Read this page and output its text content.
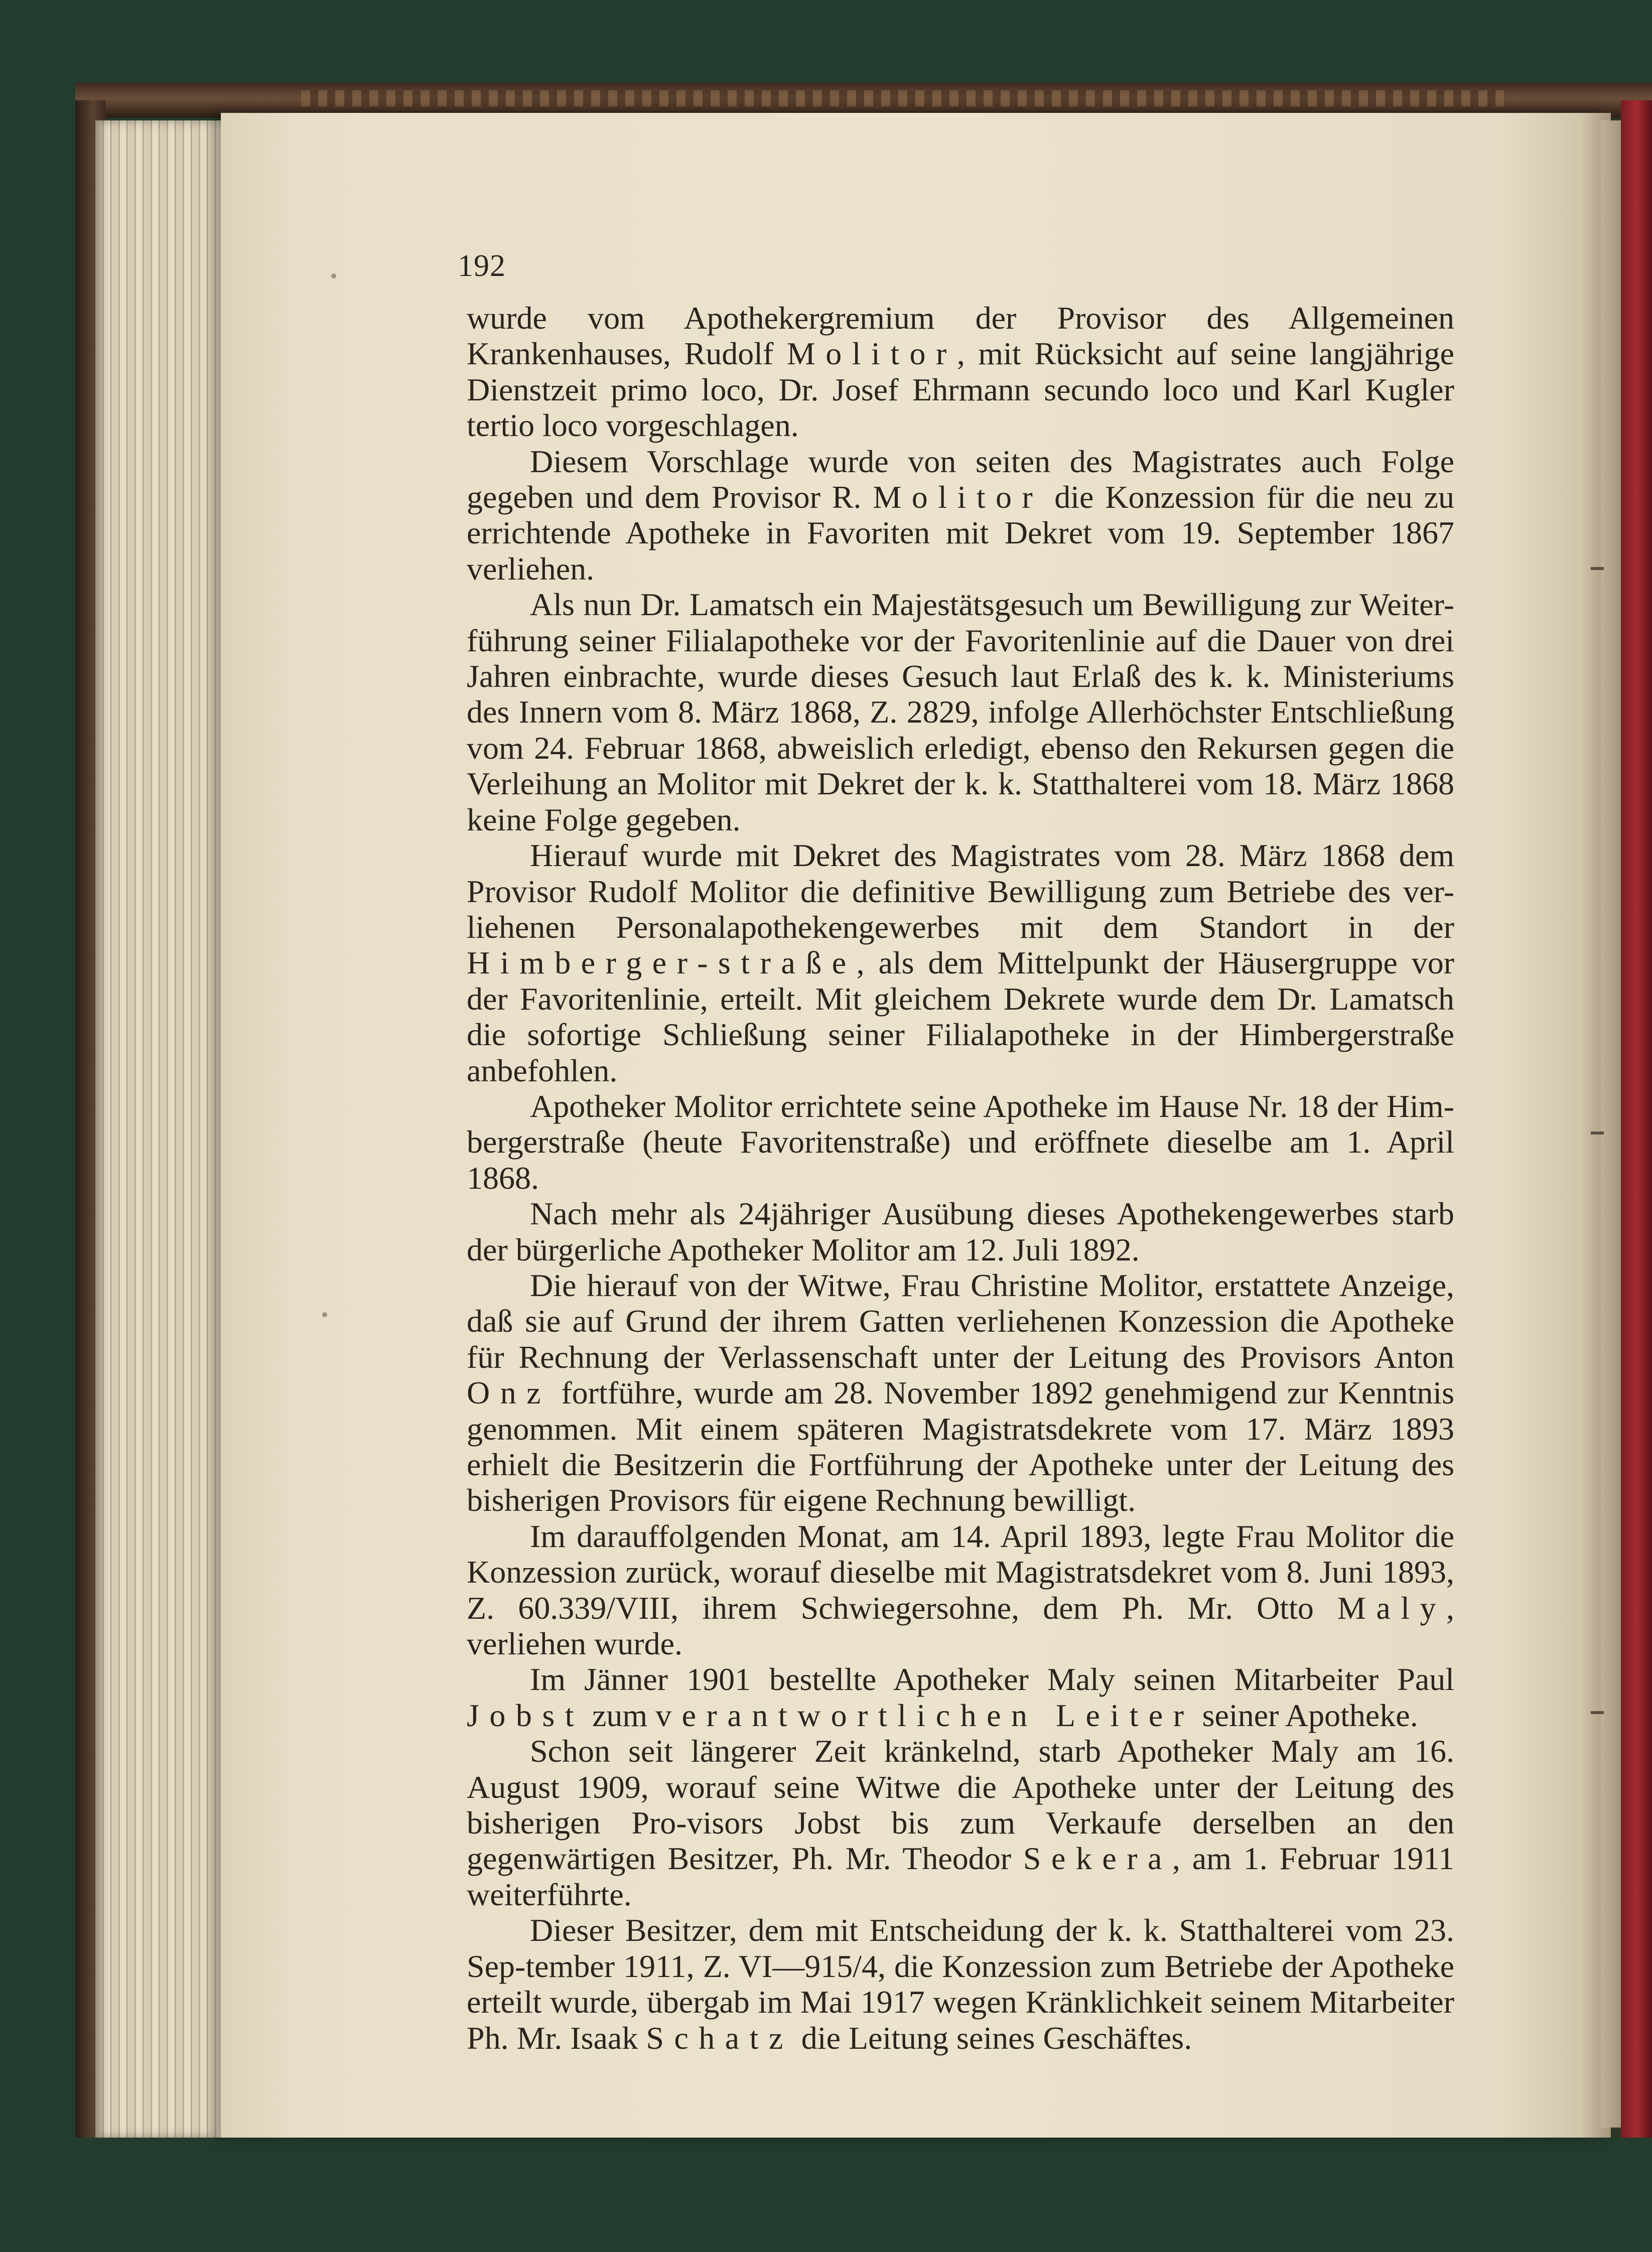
192

wurde vom Apothekergremium der Provisor des Allgemeinen Krankenhauses, Rudolf Molitor, mit Rücksicht auf seine langjährige Dienstzeit primo loco, Dr. Josef Ehrmann secundo loco und Karl Kugler tertio loco vorgeschlagen.

Diesem Vorschlage wurde von seiten des Magistrates auch Folge gegeben und dem Provisor R. Molitor die Konzession für die neu zu errichtende Apotheke in Favoriten mit Dekret vom 19. September 1867 verliehen.

Als nun Dr. Lamatsch ein Majestätsgesuch um Bewilligung zur Weiter-führung seiner Filialapotheke vor der Favoritenlinie auf die Dauer von drei Jahren einbrachte, wurde dieses Gesuch laut Erlaß des k. k. Ministeriums des Innern vom 8. März 1868, Z. 2829, infolge Allerhöchster Entschließung vom 24. Februar 1868, abweislich erledigt, ebenso den Rekursen gegen die Verleihung an Molitor mit Dekret der k. k. Statthalterei vom 18. März 1868 keine Folge gegeben.

Hierauf wurde mit Dekret des Magistrates vom 28. März 1868 dem Provisor Rudolf Molitor die definitive Bewilligung zum Betriebe des ver-liehenen Personalapothekengewerbes mit dem Standort in der Himberger-straße, als dem Mittelpunkt der Häusergruppe vor der Favoritenlinie, erteilt. Mit gleichem Dekrete wurde dem Dr. Lamatsch die sofortige Schließung seiner Filialapotheke in der Himbergerstraße anbefohlen.

Apotheker Molitor errichtete seine Apotheke im Hause Nr. 18 der Him-bergerstraße (heute Favoritenstraße) und eröffnete dieselbe am 1. April 1868.

Nach mehr als 24jähriger Ausübung dieses Apothekengewerbes starb der bürgerliche Apotheker Molitor am 12. Juli 1892.

Die hierauf von der Witwe, Frau Christine Molitor, erstattete Anzeige, daß sie auf Grund der ihrem Gatten verliehenen Konzession die Apotheke für Rechnung der Verlassenschaft unter der Leitung des Provisors Anton Onz fortführe, wurde am 28. November 1892 genehmigend zur Kenntnis genommen. Mit einem späteren Magistratsdekrete vom 17. März 1893 erhielt die Besitzerin die Fortführung der Apotheke unter der Leitung des bisherigen Provisors für eigene Rechnung bewilligt.

Im darauffolgenden Monat, am 14. April 1893, legte Frau Molitor die Konzession zurück, worauf dieselbe mit Magistratsdekret vom 8. Juni 1893, Z. 60.339/VIII, ihrem Schwiegersohne, dem Ph. Mr. Otto Maly, verliehen wurde.

Im Jänner 1901 bestellte Apotheker Maly seinen Mitarbeiter Paul Jobst zum verantwortlichen Leiter seiner Apotheke.

Schon seit längerer Zeit kränkelnd, starb Apotheker Maly am 16. August 1909, worauf seine Witwe die Apotheke unter der Leitung des bisherigen Pro-visors Jobst bis zum Verkaufe derselben an den gegenwärtigen Besitzer, Ph. Mr. Theodor Sekera, am 1. Februar 1911 weiterführte.

Dieser Besitzer, dem mit Entscheidung der k. k. Statthalterei vom 23. Sep-tember 1911, Z. VI—915/4, die Konzession zum Betriebe der Apotheke erteilt wurde, übergab im Mai 1917 wegen Kränklichkeit seinem Mitarbeiter Ph. Mr. Isaak Schatz die Leitung seines Geschäftes.
